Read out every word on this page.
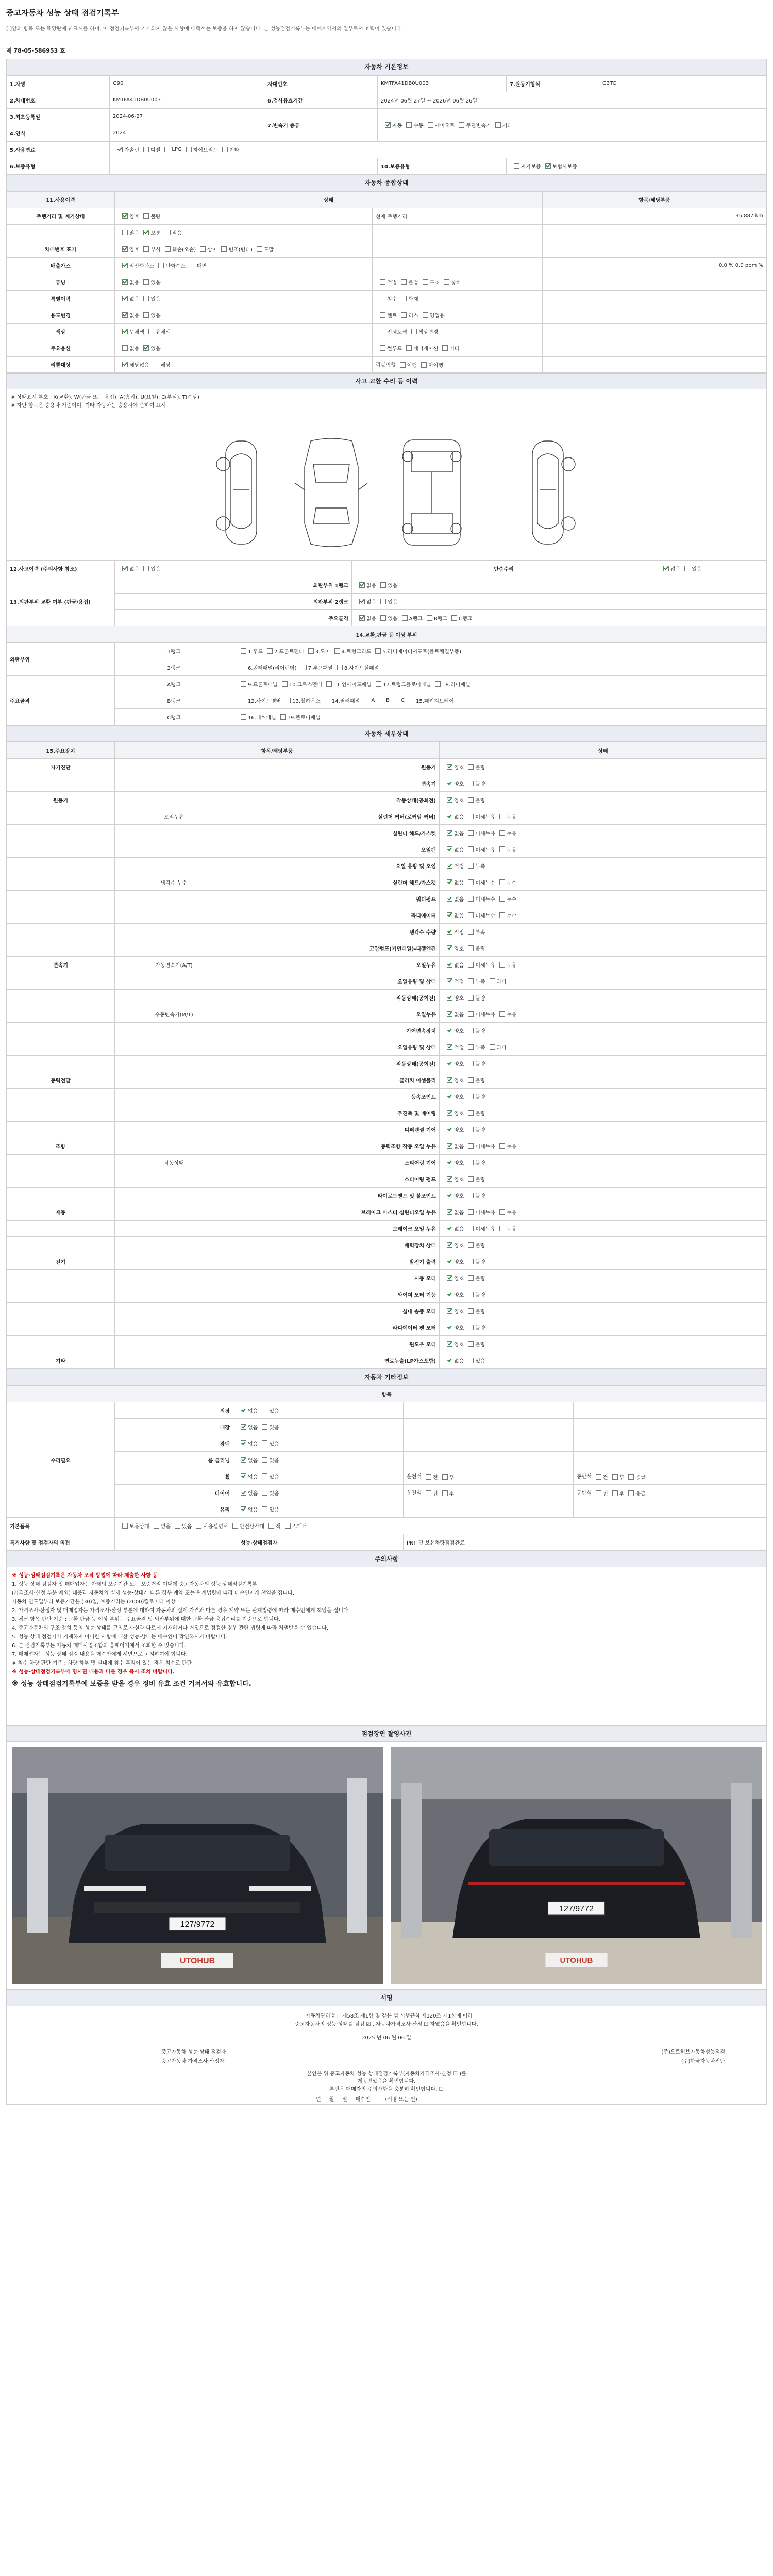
중고자동차 성능 상태 점검기록부
[ ]안의 항목 또는 해당란에 √ 표시를 하며, 이 점검기록부에 기재되지 않은 사항에 대해서는 보증을 하지 않습니다. 본 성능점검기록부는 매매계약서의 일부로서 효력이 있습니다.
제 78-05-586953 호
자동차 기본정보
1.차명	G90	차대번호	KMTFA41DB0U003	7.원동기형식	G3TC
2.차대번호	KMTFA41DB0U003	6.검사유효기간	2024년 06월 27일 ~ 2026년 06월 26일		
3.최초등록일	2024-06-27	7.변속기 종류	자동 수동 세미오토 무단변속기 기타		
4.연식	2024				
5.사용연료	가솔린 디젤 LPG 하이브리드 기타				
6.보증유형			10.보증유형	자가보증 보험사보증	
자동차 종합상태
11.사용이력	상태		항목/해당부품
주행거리 및 계기상태	양호 불량	현재 주행거리	35,887 km
	많음 보통 적음		
차대번호 표기	양호 부식 훼손(오손) 상이 변조(변타) 도말		
배출가스	일산화탄소 탄화수소 매연		0.0 % 0.0 ppm %
튜닝	없음 있음	적법 불법 구조 장치	
특별이력	없음 있음	침수 화재	
용도변경	없음 있음	렌트 리스 영업용	
색상	무채색 유채색	전체도색 색상변경	
주요옵션	없음 있음	썬루프 네비게이션 기타	
리콜대상	해당없음 해당	리콜이행 이행 미이행	
사고 교환 수리 등 이력
※ 상태표시 부호 : X(교환), W(판금 또는 용접), A(흠집), U(요철), C(부식), T(손상)
※ 하단 항목은 승용차 기준이며, 기타 자동차는 승용차에 준하여 표시
12.사고이력 (주의사항 참조)	없음 있음		단순수리	없음 있음
13.외판부위 교환 여부 (판금/용접)	외판부위 1랭크		없음 있음	
	외판부위 2랭크		없음 있음	
	주요골격		없음 있음 A랭크 B랭크 C랭크	
14.교환,판금 등 이상 부위				
외판부위	1랭크	1.후드 2.프론트펜더 3.도어 4.트렁크리드 5.라디에이터서포트(볼트체결부품)		
	2랭크	6.쿼터패널(리어펜더) 7.루프패널 8.사이드실패널		
주요골격	A랭크	9.프론트패널 10.크로스멤버 11.인사이드패널 17.트렁크플로어패널 18.리어패널		
	B랭크	12.사이드멤버 13.휠하우스 14.필러패널 A B C 15.패키지트레이		
	C랭크	16.대쉬패널 19.플로어패널		
자동차 세부상태
15.주요장치	항목/해당부품		상태
자기진단		원동기	양호 불량
		변속기	양호 불량
원동기		작동상태(공회전)	양호 불량
	오일누유	실린더 커버(로커암 커버)	없음 미세누유 누유
		실린더 헤드/가스켓	없음 미세누유 누유
		오일팬	없음 미세누유 누유
		오일 유량 및 오염	적정 부족
	냉각수 누수	실린더 헤드/가스켓	없음 미세누수 누수
		워터펌프	없음 미세누수 누수
		라디에이터	없음 미세누수 누수
		냉각수 수량	적정 부족
		고압펌프(커먼레일)-디젤엔진	양호 불량
변속기	자동변속기(A/T)	오일누유	없음 미세누유 누유
		오일유량 및 상태	적정 부족 과다
		작동상태(공회전)	양호 불량
	수동변속기(M/T)	오일누유	없음 미세누유 누유
		기어변속장치	양호 불량
		오일유량 및 상태	적정 부족 과다
		작동상태(공회전)	양호 불량
동력전달		클러치 어셈블리	양호 불량
		등속조인트	양호 불량
		추진축 및 베어링	양호 불량
		디퍼렌셜 기어	양호 불량
조향		동력조향 작동 오일 누유	없음 미세누유 누유
	작동상태	스티어링 기어	양호 불량
		스티어링 펌프	양호 불량
		타이로드엔드 및 볼조인트	양호 불량
제동		브레이크 마스터 실린더오일 누유	없음 미세누유 누유
		브레이크 오일 누유	없음 미세누유 누유
		배력장치 상태	양호 불량
전기		발전기 출력	양호 불량
		시동 모터	양호 불량
		와이퍼 모터 기능	양호 불량
		실내 송풍 모터	양호 불량
		라디에이터 팬 모터	양호 불량
		윈도우 모터	양호 불량
기타		연료누출(LP가스포함)	없음 있음
자동차 기타정보
항목				
수리필요	외장	없음 있음		
	내장	없음 있음		
	광택	없음 있음		
	룸 클리닝	없음 있음		
	휠	없음 있음	운전석 전 후	동반석 전 후 응급
	타이어	없음 있음	운전석 전 후	동반석 전 후 응급
	유리	없음 있음		
기본품목	보유상태 없음 있음 사용설명서 안전삼각대 잭 스패너			
특기사항 및 점검자의 의견	성능·상태점검자		PNP 및 보유차량점검완료	
주의사항
※ 성능·상태점검기록은 자동차 조작 방법에 따라 제출한 사항 등
1. 성능·상태 점검자 및 매매업자는 아래의 보증기간 또는 보증거리 이내에 중고자동차의 성능·상태점검기록부
(가격조사·산정 부분 제외) 내용과 자동차의 실제 성능·상태가 다른 경우 계약 또는 관계법령에 따라 매수인에게 책임을 집니다.
자동차 인도일부터 보증기간은 (30)일, 보증거리는 (2000)킬로미터 이상
2. 가격조사·산정자 및 매매업자는 가격조사·산정 부분에 대하여 자동차의 실제 가격과 다른 경우 계약 또는 관계법령에 따라 매수인에게 책임을 집니다.
3. 체크 항목 판단 기준 : 교환·판금 등 이상 부위는 주요골격 및 외판부위에 대한 교환·판금·용접수리를 기준으로 합니다.
4. 중고자동차의 구조·장치 등의 성능·상태를 고의로 사실과 다르게 기재하거나 거짓으로 점검한 경우 관련 법령에 따라 처벌받을 수 있습니다.
5. 성능·상태 점검자가 기재하지 아니한 사항에 대한 성능·상태는 매수인이 확인하시기 바랍니다.
6. 본 점검기록부는 자동차 매매사업조합의 홈페이지에서 조회할 수 있습니다.
7. 매매업자는 성능·상태 점검 내용을 매수인에게 서면으로 고지하여야 합니다.
※ 침수 차량 판단 기준 : 차량 하부 및 실내에 침수 흔적이 있는 경우 침수로 판단
※ 성능·상태점검기록부에 명시된 내용과 다를 경우 즉시 조치 바랍니다.
※ 성능 상태점검기록부에 보증을 받을 경우 정비 유효 조건 거쳐서와 유효합니다.
점검장면 촬영사진
127/9772
UTOHUB
127/9772
UTOHUB
서명
「자동차관리법」 제58조 제1항 및 같은 법 시행규칙 제120조 제1항에 따라
중고자동차의 성능·상태를 점검 ☑ , 자동차가격조사·산정 ☐ 하였음을 확인합니다.
2025 년 06 월 06 일
중고자동차 성능·상태 점검자	(주)오토허브자동차성능점검
중고자동차 가격조사·산정자	(주)한국자동차진단
본인은 위 중고자동차 성능·상태점검기록부(자동차가격조사·산정 ☐ )를
제공받았음을 확인합니다.
본인은 매매자의 주의사항을 충분히 확인합니다. ☐
년 월 일 매수인	(서명 또는 인)
